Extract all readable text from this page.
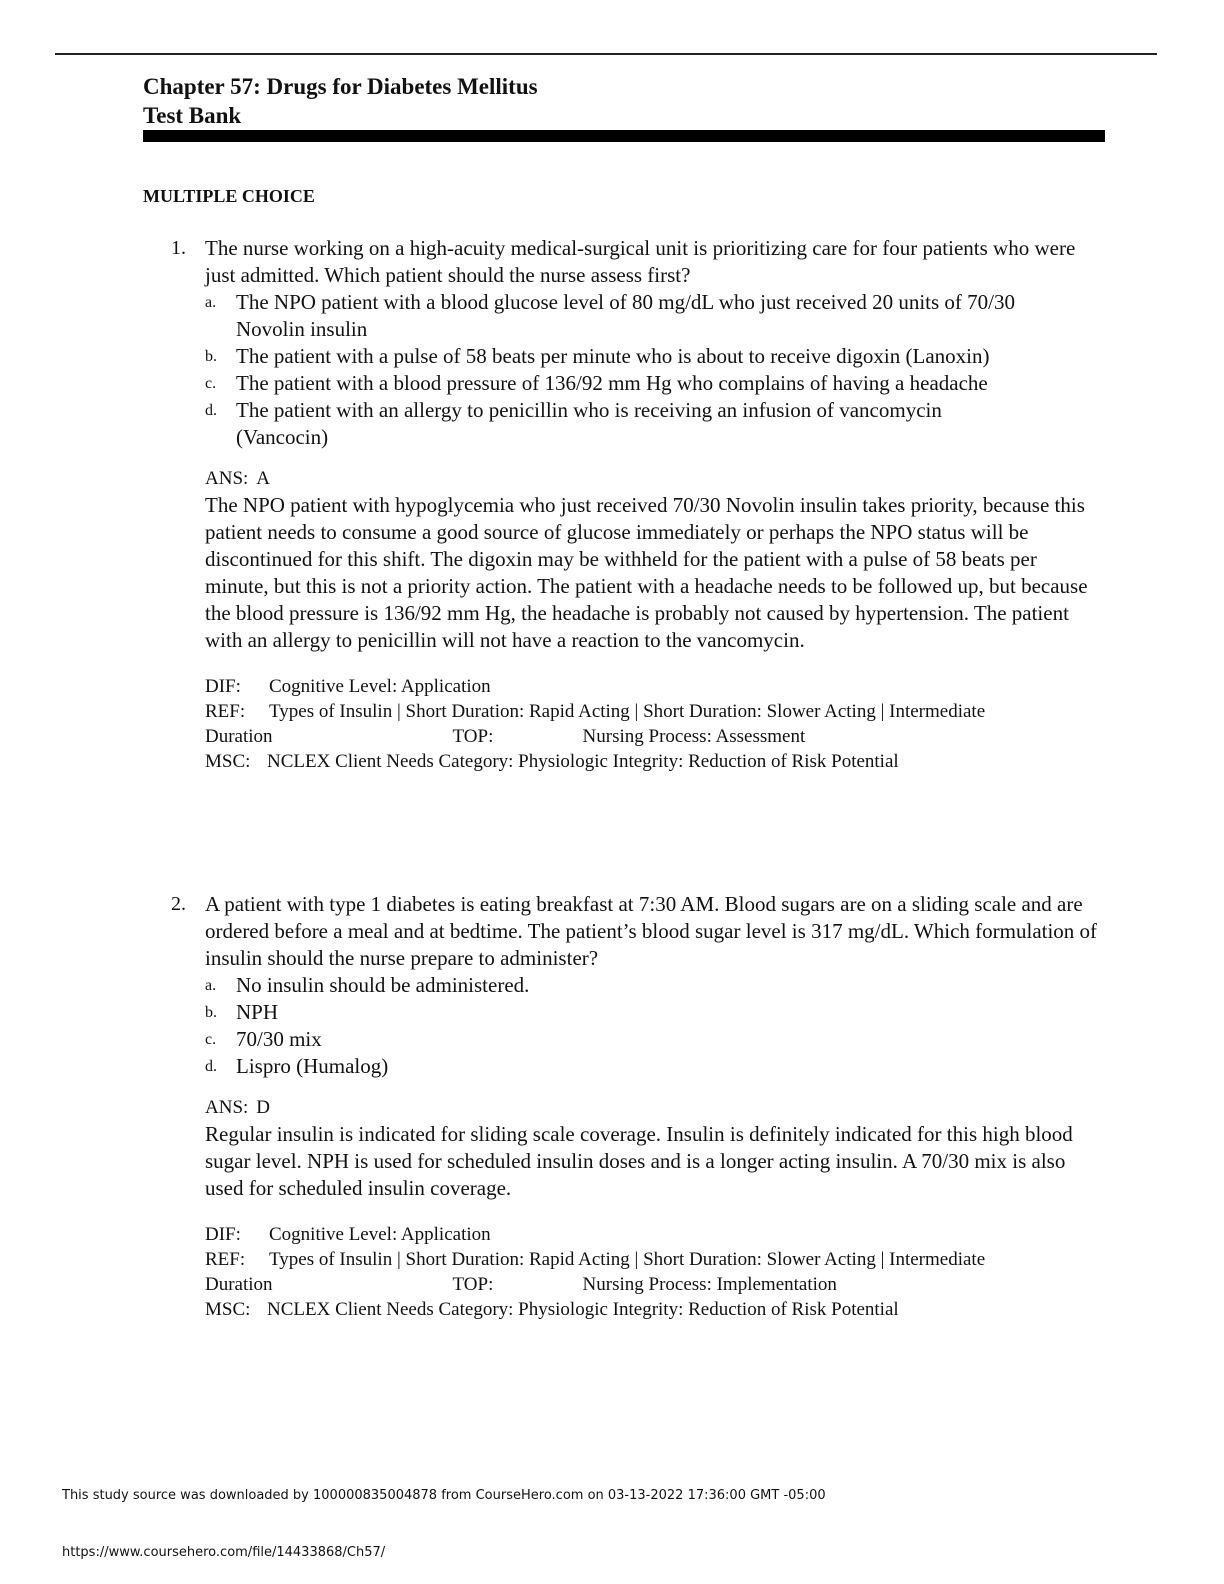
Chapter 57: Drugs for Diabetes Mellitus
Test Bank
MULTIPLE CHOICE
1. The nurse working on a high-acuity medical-surgical unit is prioritizing care for four patients who were just admitted. Which patient should the nurse assess first?
a. The NPO patient with a blood glucose level of 80 mg/dL who just received 20 units of 70/30 Novolin insulin
b. The patient with a pulse of 58 beats per minute who is about to receive digoxin (Lanoxin)
c. The patient with a blood pressure of 136/92 mm Hg who complains of having a headache
d. The patient with an allergy to penicillin who is receiving an infusion of vancomycin (Vancocin)
ANS: A
The NPO patient with hypoglycemia who just received 70/30 Novolin insulin takes priority, because this patient needs to consume a good source of glucose immediately or perhaps the NPO status will be discontinued for this shift. The digoxin may be withheld for the patient with a pulse of 58 beats per minute, but this is not a priority action. The patient with a headache needs to be followed up, but because the blood pressure is 136/92 mm Hg, the headache is probably not caused by hypertension. The patient with an allergy to penicillin will not have a reaction to the vancomycin.
DIF: Cognitive Level: Application
REF: Types of Insulin | Short Duration: Rapid Acting | Short Duration: Slower Acting | Intermediate
Duration	TOP:	Nursing Process: Assessment
MSC: NCLEX Client Needs Category: Physiologic Integrity: Reduction of Risk Potential
2. A patient with type 1 diabetes is eating breakfast at 7:30 AM. Blood sugars are on a sliding scale and are ordered before a meal and at bedtime. The patient’s blood sugar level is 317 mg/dL. Which formulation of insulin should the nurse prepare to administer?
a. No insulin should be administered.
b. NPH
c. 70/30 mix
d. Lispro (Humalog)
ANS: D
Regular insulin is indicated for sliding scale coverage. Insulin is definitely indicated for this high blood sugar level. NPH is used for scheduled insulin doses and is a longer acting insulin. A 70/30 mix is also used for scheduled insulin coverage.
DIF: Cognitive Level: Application
REF: Types of Insulin | Short Duration: Rapid Acting | Short Duration: Slower Acting | Intermediate
Duration	TOP:	Nursing Process: Implementation
MSC: NCLEX Client Needs Category: Physiologic Integrity: Reduction of Risk Potential
This study source was downloaded by 100000835004878 from CourseHero.com on 03-13-2022 17:36:00 GMT -05:00
https://www.coursehero.com/file/14433868/Ch57/
